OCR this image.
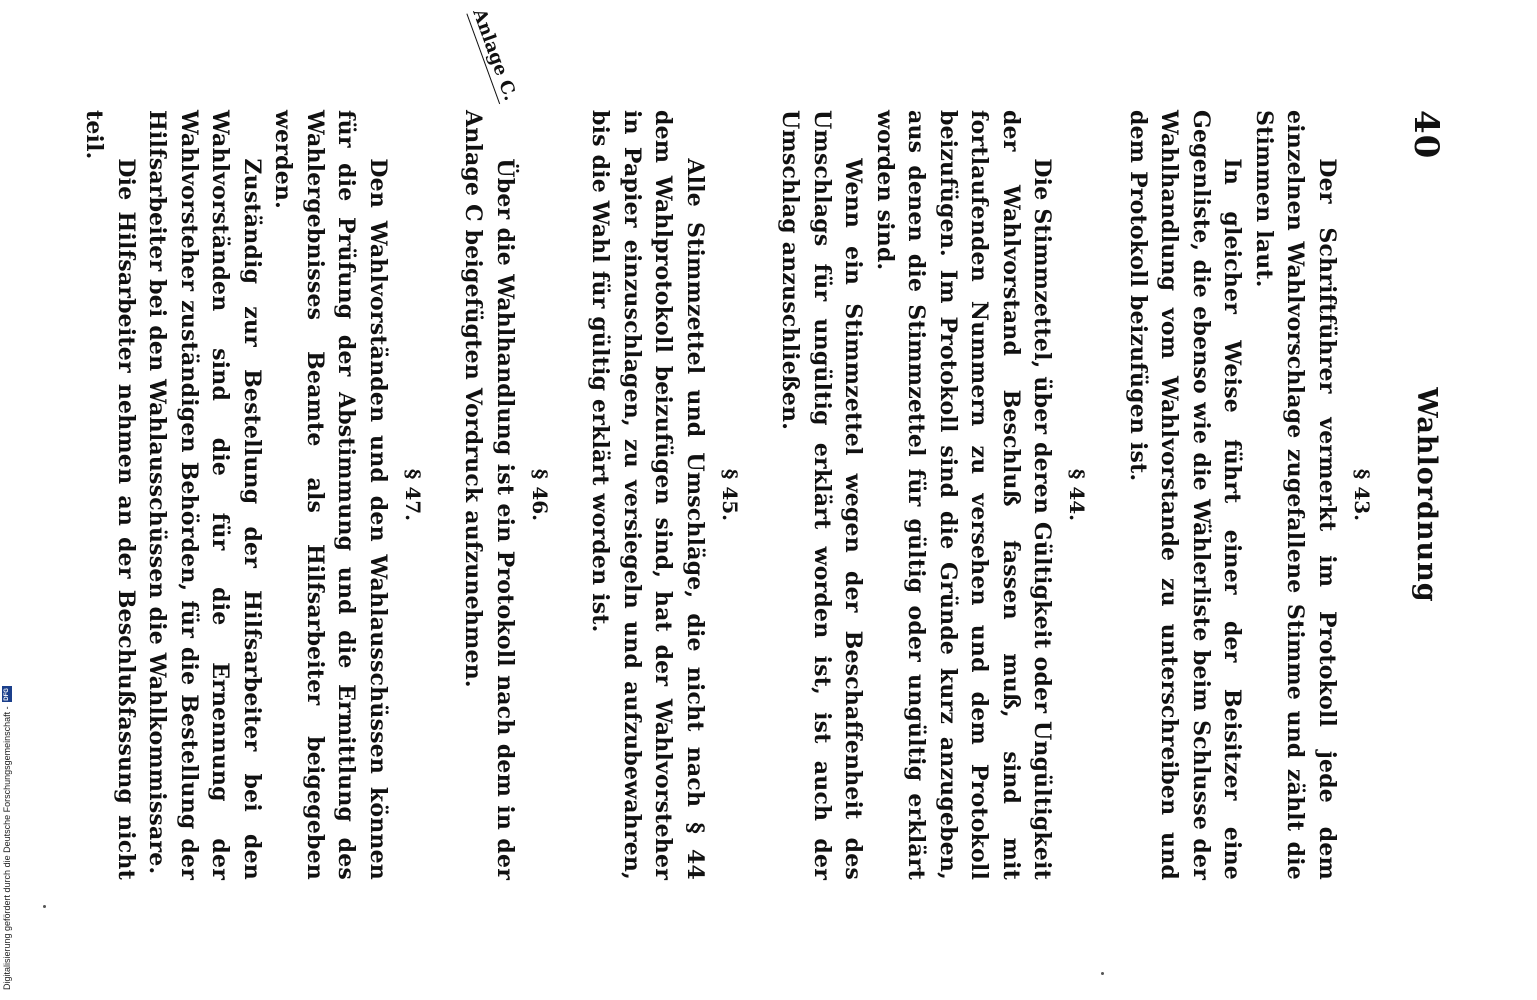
Digitalisierung gefördert durch die Deutsche Forschungsgemeinschaft -
DFG
40
Wahlordnung
§ 43.

Der Schriftführer vermerkt im Protokoll jede dem einzelnen Wahlvorschlage zugefallene Stimme und zählt die Stimmen laut.

In gleicher Weise führt einer der Beisitzer eine Gegenliste, die ebenso wie die Wählerliste beim Schlusse der Wahlhandlung vom Wahlvorstande zu unterschreiben und dem Protokoll beizufügen ist.

§ 44.

Die Stimmzettel, über deren Gültigkeit oder Ungültigkeit der Wahlvorstand Beschluß fassen muß, sind mit fortlaufenden Nummern zu versehen und dem Protokoll beizufügen. Im Protokoll sind die Gründe kurz anzugeben, aus denen die Stimmzettel für gültig oder ungültig erklärt worden sind.

Wenn ein Stimmzettel wegen der Beschaffenheit des Umschlags für ungültig erklärt worden ist, ist auch der Umschlag anzuschließen.

§ 45.

Alle Stimmzettel und Umschläge, die nicht nach § 44 dem Wahlprotokoll beizufügen sind, hat der Wahlvorsteher in Papier einzuschlagen, zu versiegeln und aufzubewahren, bis die Wahl für gültig erklärt worden ist.

§ 46.

Über die Wahlhandlung ist ein Protokoll nach dem in der Anlage C beigefügten Vordruck aufzunehmen.

§ 47.

Den Wahlvorständen und den Wahlausschüssen können für die Prüfung der Abstimmung und die Ermittlung des Wahlergebnisses Beamte als Hilfsarbeiter beigegeben werden.

Zuständig zur Bestellung der Hilfsarbeiter bei den Wahlvorständen sind die für die Ernennung der Wahlvorsteher zuständigen Behörden, für die Bestellung der Hilfsarbeiter bei den Wahlausschüssen die Wahlkommissare.

Die Hilfsarbeiter nehmen an der Beschlußfassung nicht teil.

Anlage C.
